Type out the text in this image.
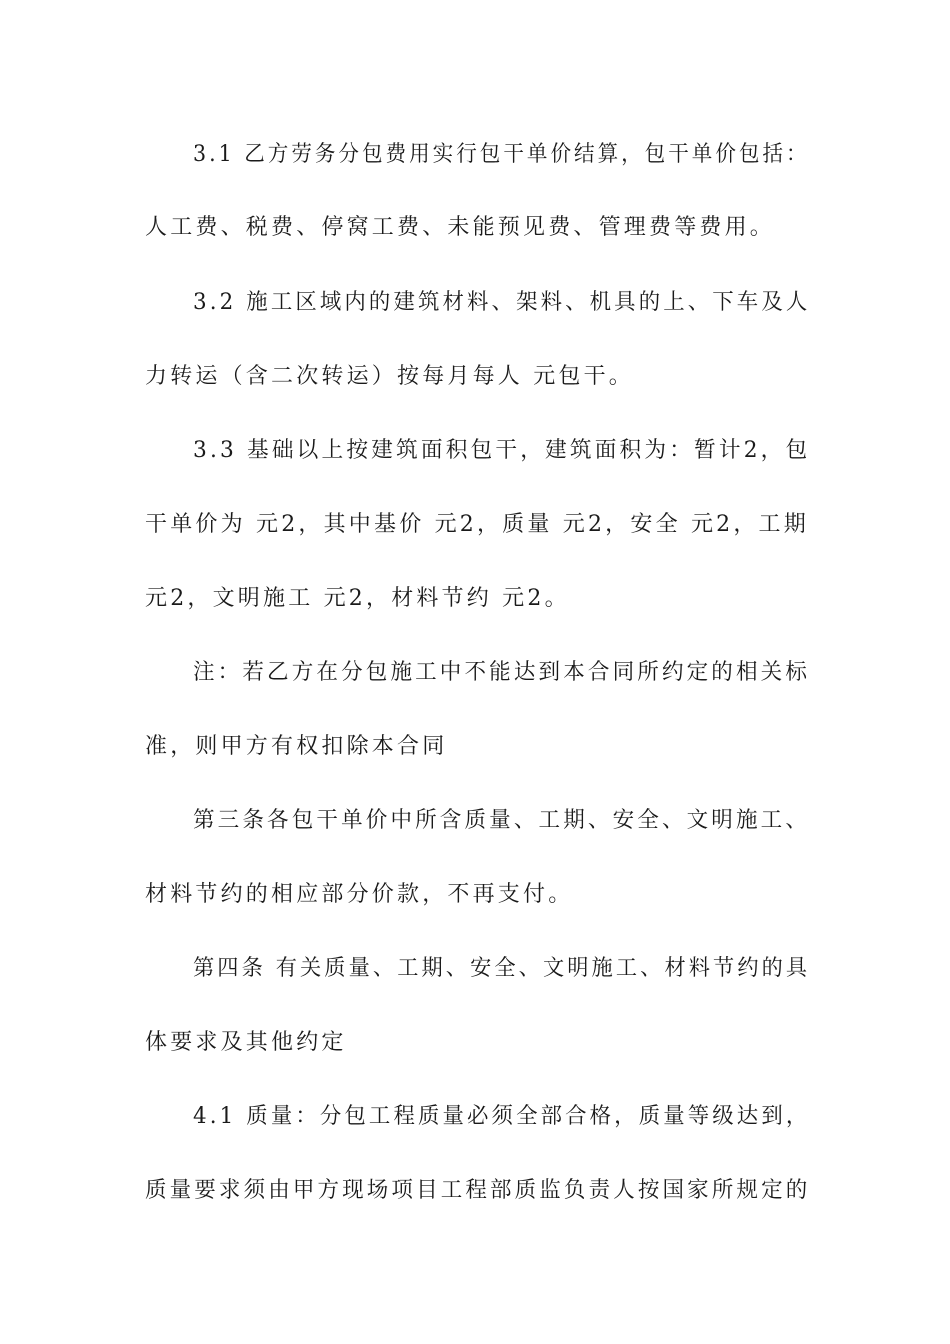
3.1 乙方劳务分包费用实行包干单价结算，包干单价包括：
人工费、税费、停窝工费、未能预见费、管理费等费用。
3.2 施工区域内的建筑材料、架料、机具的上、下车及人
力转运（含二次转运）按每月每人 元包干。
3.3 基础以上按建筑面积包干，建筑面积为：暂计2，包
干单价为 元2，其中基价 元2，质量 元2，安全 元2，工期
元2，文明施工 元2，材料节约 元2。
注：若乙方在分包施工中不能达到本合同所约定的相关标
准，则甲方有权扣除本合同
第三条各包干单价中所含质量、工期、安全、文明施工、
材料节约的相应部分价款，不再支付。
第四条 有关质量、工期、安全、文明施工、材料节约的具
体要求及其他约定
4.1 质量：分包工程质量必须全部合格，质量等级达到，
质量要求须由甲方现场项目工程部质监负责人按国家所规定的
